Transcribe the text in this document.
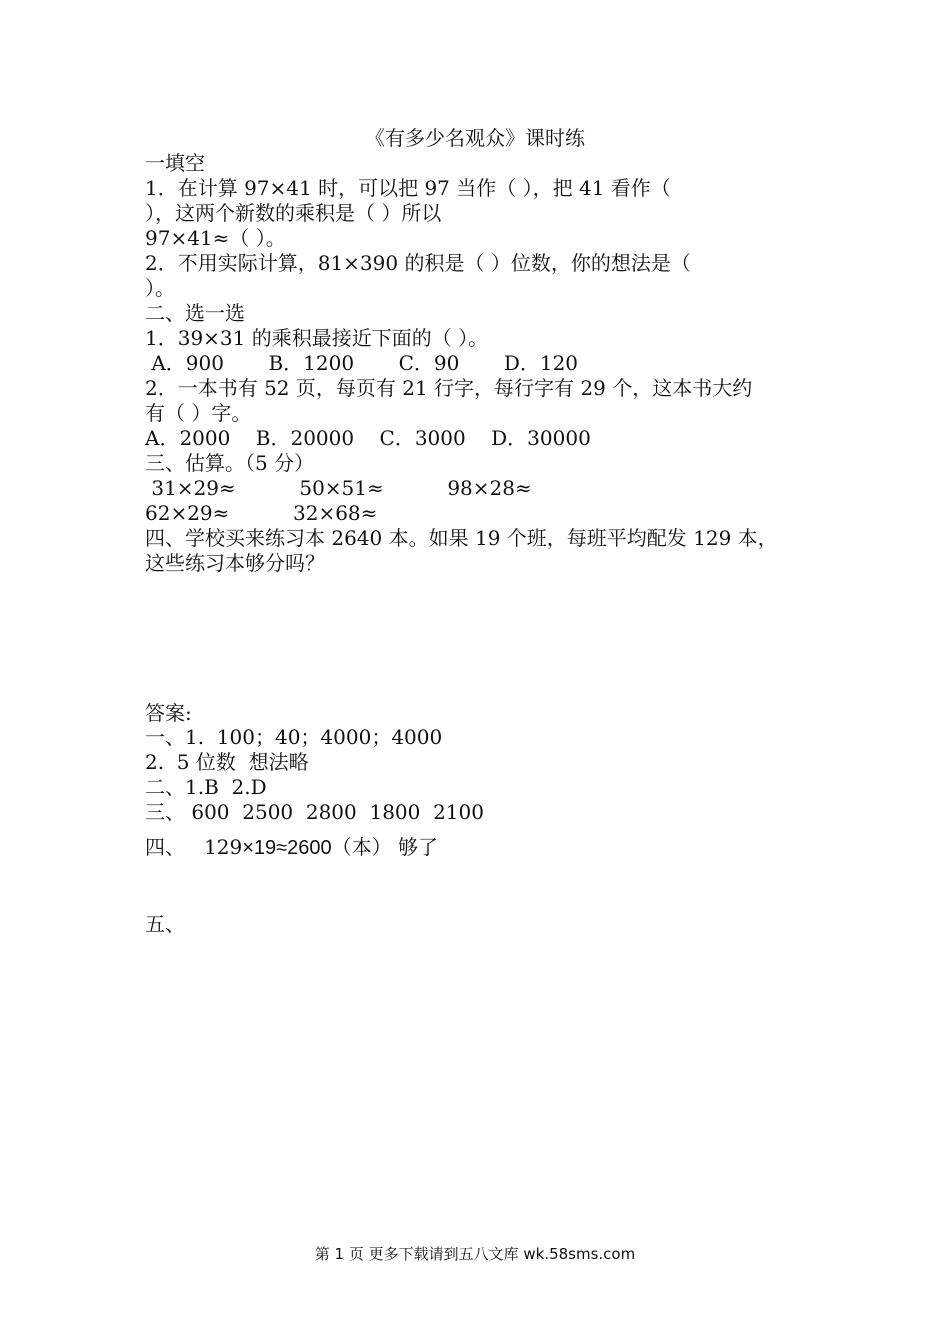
《有多少名观众》课时练
一填空
1．在计算 97×41 时，可以把 97 当作（ ），把 41 看作（
），这两个新数的乘积是（ ）所以
97×41≈（ ）。
2．不用实际计算，81×390 的积是（ ）位数，你的想法是（
）。
二、选一选
1．39×31 的乘积最接近下面的（ ）。
A．900       B．1200       C．90       D．120
2．一本书有 52 页，每页有 21 行字，每行字有 29 个，这本书大约
有（ ）字。
A．2000    B．20000    C．3000    D．30000
三、估算。（5 分）
31×29≈          50×51≈          98×28≈
62×29≈          32×68≈
四、学校买来练习本 2640 本。如果 19 个班，每班平均配发 129 本，
这些练习本够分吗？
答案:
一、1.  100；40；4000；4000
2.  5 位数  想法略
二、1.B  2.D
三、 600  2500  2800  1800  2100
四、   129×19≈2600（本） 够了
五、
第 1 页 更多下载请到五八文库 wk.58sms.com
